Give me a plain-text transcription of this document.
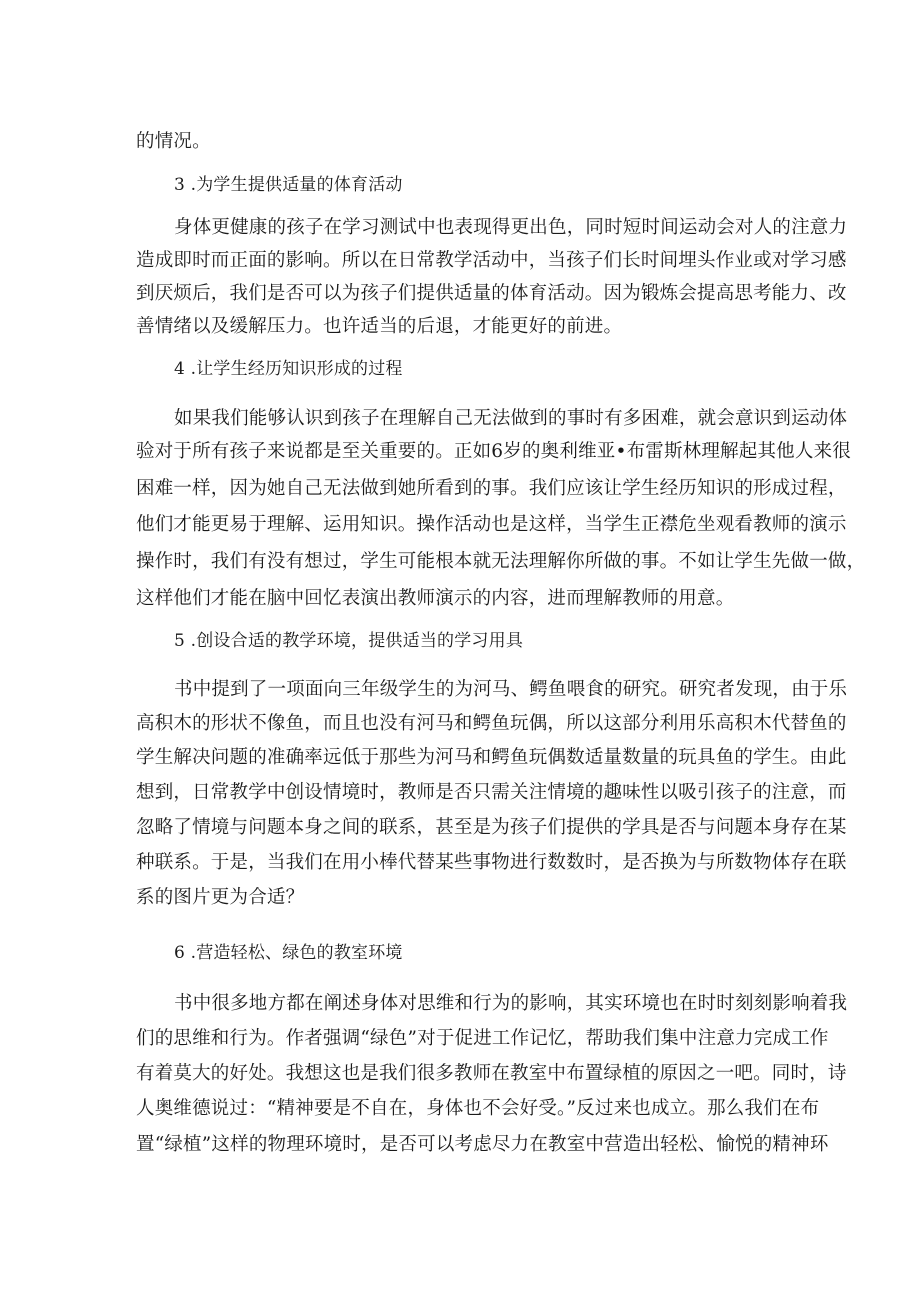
的情况。
3 .为学生提供适量的体育活动
身体更健康的孩子在学习测试中也表现得更出色，同时短时间运动会对人的注意力
造成即时而正面的影响。所以在日常教学活动中，当孩子们长时间埋头作业或对学习感
到厌烦后，我们是否可以为孩子们提供适量的体育活动。因为锻炼会提高思考能力、改
善情绪以及缓解压力。也许适当的后退，才能更好的前进。
4 .让学生经历知识形成的过程
如果我们能够认识到孩子在理解自己无法做到的事时有多困难，就会意识到运动体
验对于所有孩子来说都是至关重要的。正如6岁的奥利维亚•布雷斯林理解起其他人来很
困难一样，因为她自己无法做到她所看到的事。我们应该让学生经历知识的形成过程，
他们才能更易于理解、运用知识。操作活动也是这样，当学生正襟危坐观看教师的演示
操作时，我们有没有想过，学生可能根本就无法理解你所做的事。不如让学生先做一做，
这样他们才能在脑中回忆表演出教师演示的内容，进而理解教师的用意。
5 .创设合适的教学环境，提供适当的学习用具
书中提到了一项面向三年级学生的为河马、鳄鱼喂食的研究。研究者发现，由于乐
高积木的形状不像鱼，而且也没有河马和鳄鱼玩偶，所以这部分利用乐高积木代替鱼的
学生解决问题的准确率远低于那些为河马和鳄鱼玩偶数适量数量的玩具鱼的学生。由此
想到，日常教学中创设情境时，教师是否只需关注情境的趣味性以吸引孩子的注意，而
忽略了情境与问题本身之间的联系，甚至是为孩子们提供的学具是否与问题本身存在某
种联系。于是，当我们在用小棒代替某些事物进行数数时，是否换为与所数物体存在联
系的图片更为合适？
6 .营造轻松、绿色的教室环境
书中很多地方都在阐述身体对思维和行为的影响，其实环境也在时时刻刻影响着我
们的思维和行为。作者强调“绿色”对于促进工作记忆，帮助我们集中注意力完成工作
有着莫大的好处。我想这也是我们很多教师在教室中布置绿植的原因之一吧。同时，诗
人奥维德说过：“精神要是不自在，身体也不会好受。”反过来也成立。那么我们在布
置“绿植”这样的物理环境时，是否可以考虑尽力在教室中营造出轻松、愉悦的精神环
